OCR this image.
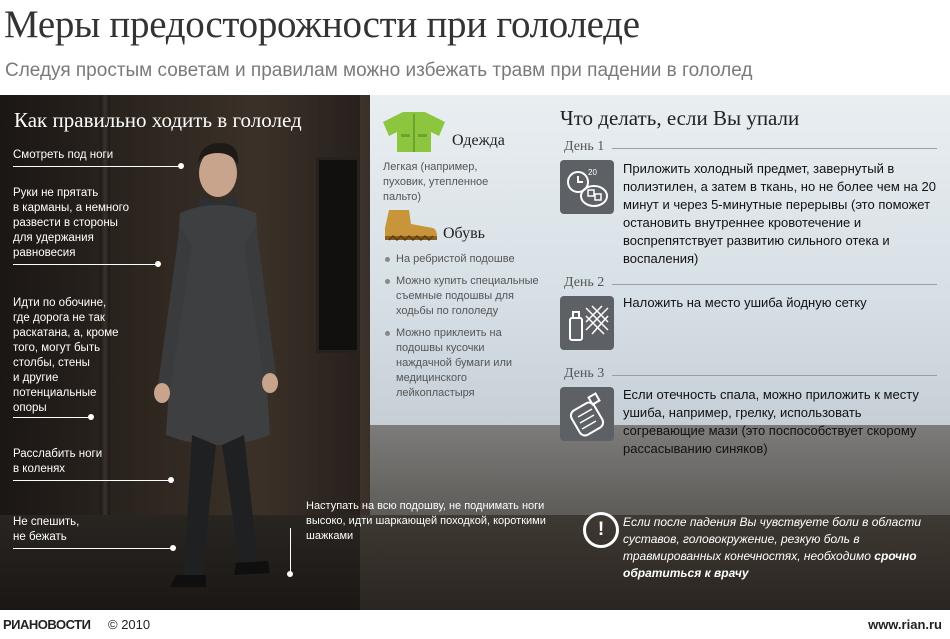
Меры предосторожности при гололеде
Следуя простым советам и правилам можно избежать травм при падении в гололед
Как правильно ходить в гололед
Смотреть под ноги
Руки не прятать
в карманы, а немного
развести в стороны
для удержания
равновесия
Идти по обочине,
где дорога не так
раскатана, а, кроме
того, могут быть
столбы, стены
и другие
потенциальные
опоры
Расслабить ноги
в коленях
Не спешить,
не бежать
Наступать на всю подошву, не поднимать ноги высоко, идти шаркающей походкой, короткими шажками
Одежда
Легкая (например, пуховик, утепленное пальто)
Обувь
На ребристой подошве
Можно купить специальные съемные подошвы для ходьбы по гололеду
Можно приклеить на подошвы кусочки наждачной бумаги или медицинского лейкопластыря
Что делать, если Вы упали
День 1
20 Приложить холодный предмет, завернутый в полиэтилен, а затем в ткань, но не более чем на 20 минут и через 5-минутные перерывы (это поможет остановить внутреннее кровотечение и воспрепятствует развитию сильного отека и воспаления)
День 2
Наложить на место ушиба йодную сетку
День 3
Если отечность спала, можно приложить к месту ушиба, например, грелку, использовать согревающие мази (это поспособствует скорому рассасыванию синяков)
!	Если после падения Вы чувствуете боли в области суставов, головокружение, резкую боль в травмированных конечностях, необходимо срочно обратиться к врачу
РИАНОВОСТИ © 2010	www.rian.ru
